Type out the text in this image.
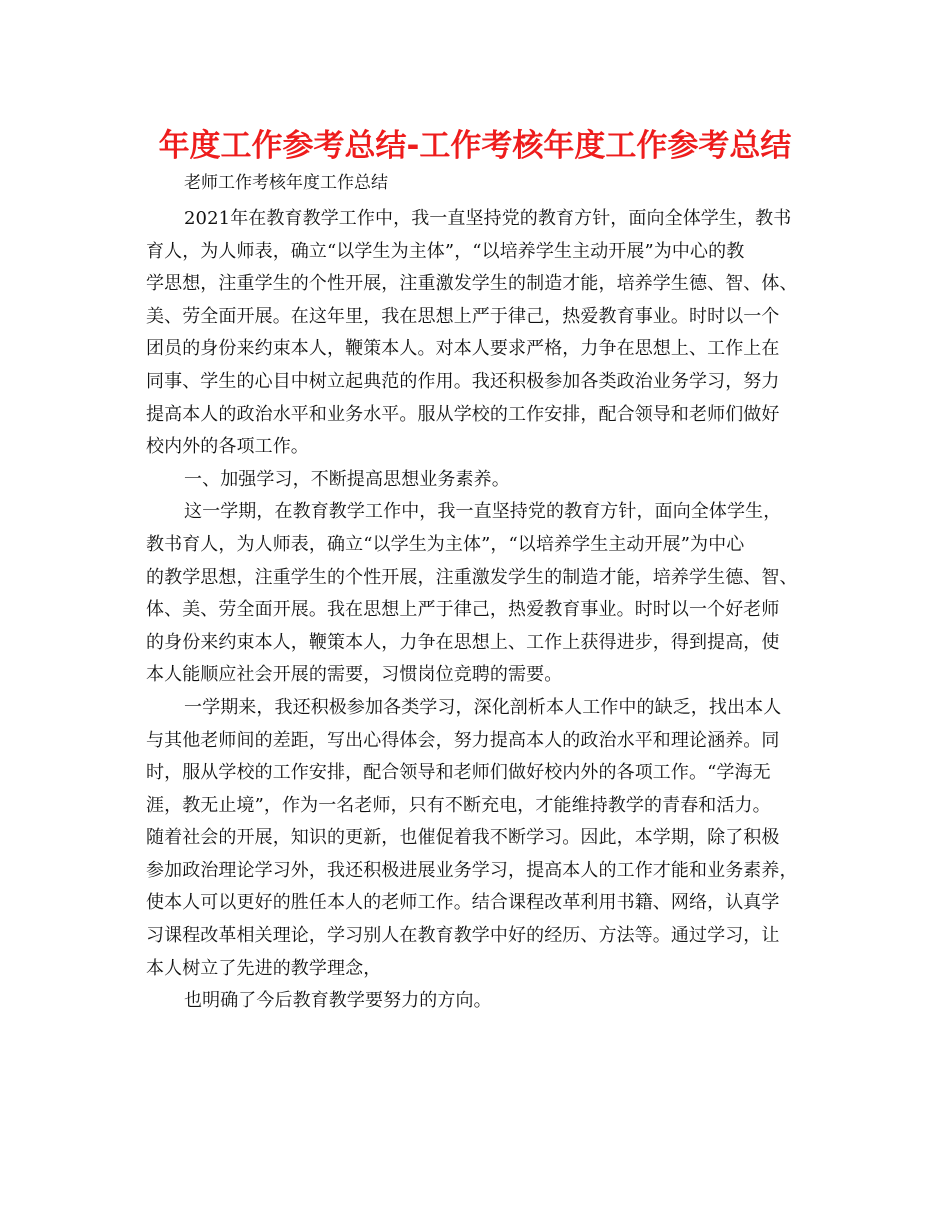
年度工作参考总结-工作考核年度工作参考总结

老师工作考核年度工作总结

2021年在教育教学工作中，我一直坚持党的教育方针，面向全体学生，教书
育人，为人师表，确立“以学生为主体”，“以培养学生主动开展”为中心的教
学思想，注重学生的个性开展，注重激发学生的制造才能，培养学生德、智、体、
美、劳全面开展。在这年里，我在思想上严于律己，热爱教育事业。时时以一个
团员的身份来约束本人，鞭策本人。对本人要求严格，力争在思想上、工作上在
同事、学生的心目中树立起典范的作用。我还积极参加各类政治业务学习，努力
提高本人的政治水平和业务水平。服从学校的工作安排，配合领导和老师们做好
校内外的各项工作。
一、加强学习，不断提高思想业务素养。
这一学期，在教育教学工作中，我一直坚持党的教育方针，面向全体学生，
教书育人，为人师表，确立“以学生为主体”，“以培养学生主动开展”为中心
的教学思想，注重学生的个性开展，注重激发学生的制造才能，培养学生德、智、
体、美、劳全面开展。我在思想上严于律己，热爱教育事业。时时以一个好老师
的身份来约束本人，鞭策本人，力争在思想上、工作上获得进步，得到提高，使
本人能顺应社会开展的需要，习惯岗位竞聘的需要。
一学期来，我还积极参加各类学习，深化剖析本人工作中的缺乏，找出本人
与其他老师间的差距，写出心得体会，努力提高本人的政治水平和理论涵养。同
时，服从学校的工作安排，配合领导和老师们做好校内外的各项工作。“学海无
涯，教无止境”，作为一名老师，只有不断充电，才能维持教学的青春和活力。
随着社会的开展，知识的更新，也催促着我不断学习。因此，本学期，除了积极
参加政治理论学习外，我还积极进展业务学习，提高本人的工作才能和业务素养，
使本人可以更好的胜任本人的老师工作。结合课程改革利用书籍、网络，认真学
习课程改革相关理论，学习别人在教育教学中好的经历、方法等。通过学习，让
本人树立了先进的教学理念，
也明确了今后教育教学要努力的方向。
